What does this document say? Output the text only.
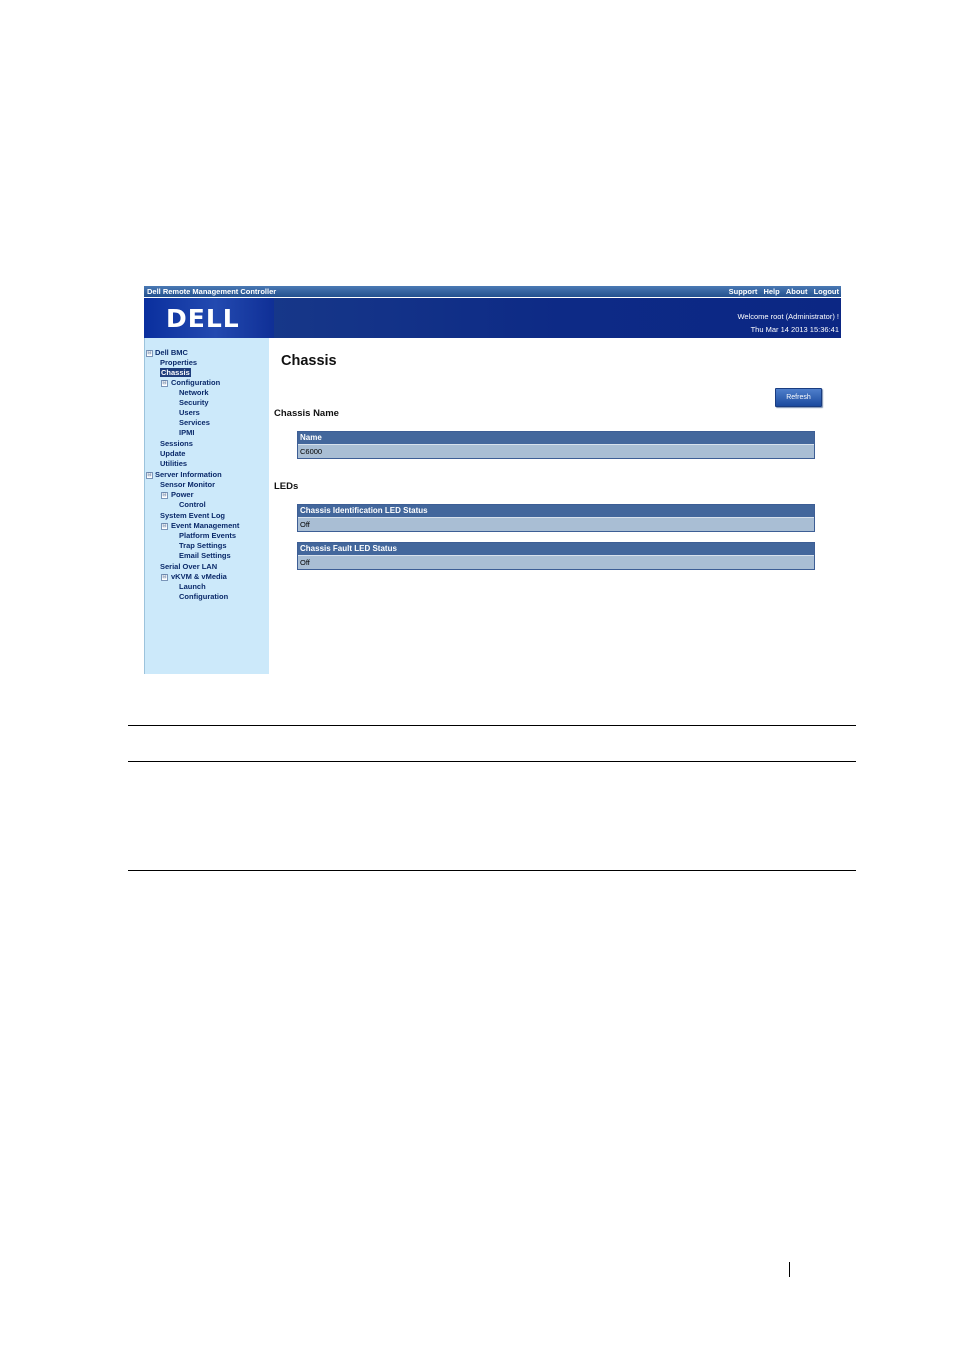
Dell Remote Management Controller	Support Help About Logout
DELL	Welcome root (Administrator) !
Thu Mar 14 2013 15:36:41
⊟ Dell BMC
Properties
Chassis
⊟ Configuration
Network
Security
Users
Services
IPMI
Sessions
Update
Utilities
⊟ Server Information
Sensor Monitor
⊟ Power
Control
System Event Log
⊟ Event Management
Platform Events
Trap Settings
Email Settings
Serial Over LAN
⊟ vKVM & vMedia
Launch
Configuration
Chassis
Refresh
Chassis Name
Name
C6000
LEDs
Chassis Identification LED Status
Off
Chassis Fault LED Status
Off
